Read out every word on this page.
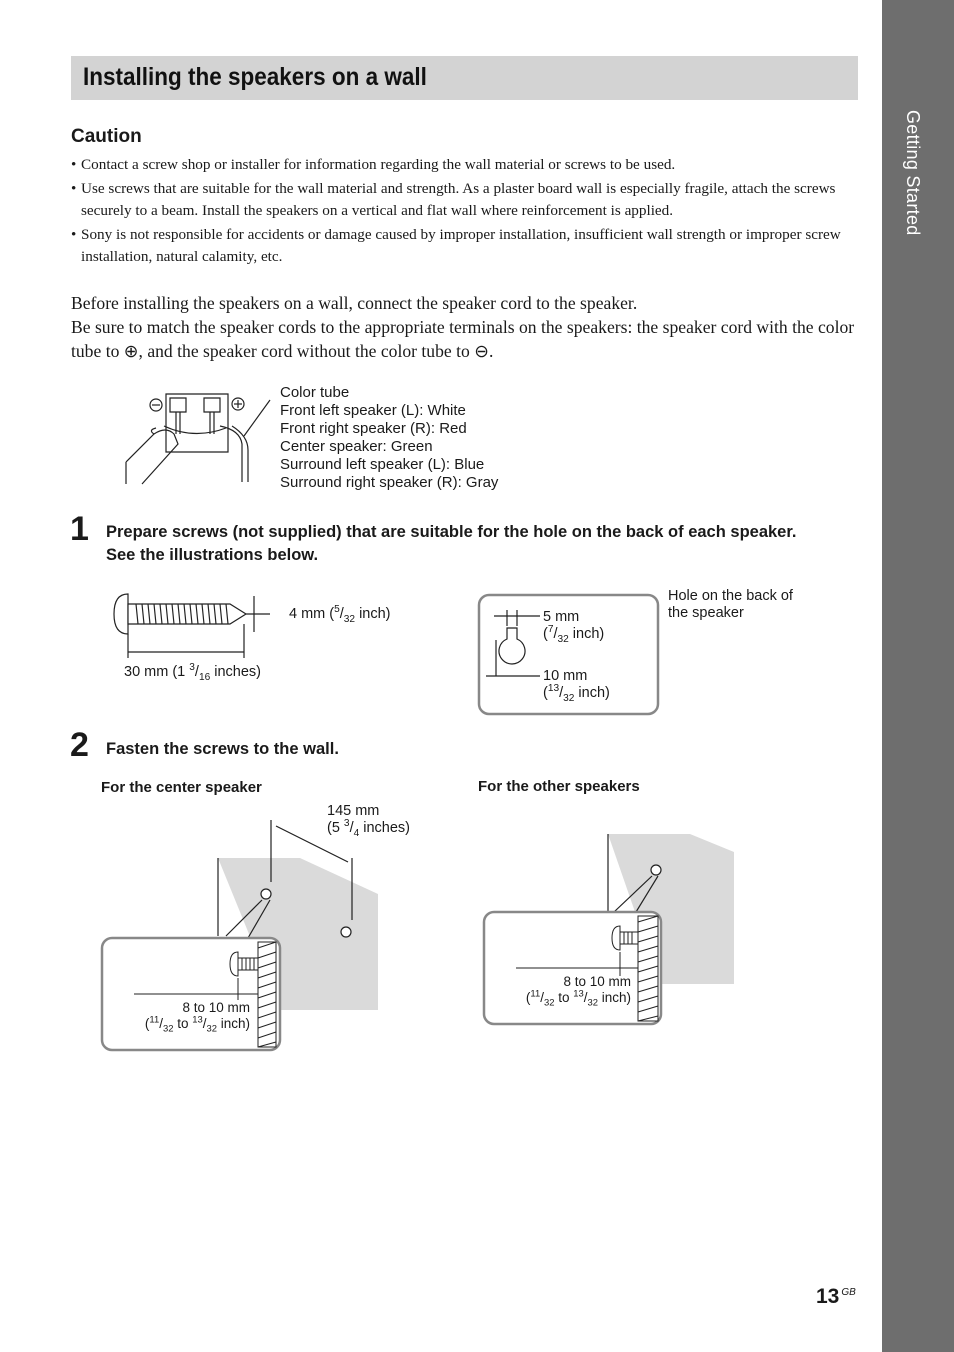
Getting Started
Installing the speakers on a wall
Caution
• Contact a screw shop or installer for information regarding the wall material or screws to be used.
• Use screws that are suitable for the wall material and strength. As a plaster board wall is especially fragile, attach the screws securely to a beam. Install the speakers on a vertical and flat wall where reinforcement is applied.
• Sony is not responsible for accidents or damage caused by improper installation, insufficient wall strength or improper screw installation, natural calamity, etc.

Before installing the speakers on a wall, connect the speaker cord to the speaker.
Be sure to match the speaker cords to the appropriate terminals on the speakers: the speaker cord with the color tube to ⊕, and the speaker cord without the color tube to ⊖.

Color tube
Front left speaker (L): White
Front right speaker (R): Red
Center speaker: Green
Surround left speaker (L): Blue
Surround right speaker (R): Gray
1 Prepare screws (not supplied) that are suitable for the hole on the back of each speaker.
See the illustrations below.
4 mm ($^5/_{32}$ inch)
30 mm (1 $^3/_{16}$ inches)
5 mm
($^7/_{32}$ inch)
10 mm
($^{13}/_{32}$ inch)
Hole on the back of
the speaker
2 Fasten the screws to the wall.
For the center speaker	For the other speakers
145 mm
(5 $^3/_4$ inches)
8 to 10 mm
($^{11}/_{32}$ to $^{13}/_{32}$ inch)
8 to 10 mm
($^{11}/_{32}$ to $^{13}/_{32}$ inch)
13 $^{GB}$
